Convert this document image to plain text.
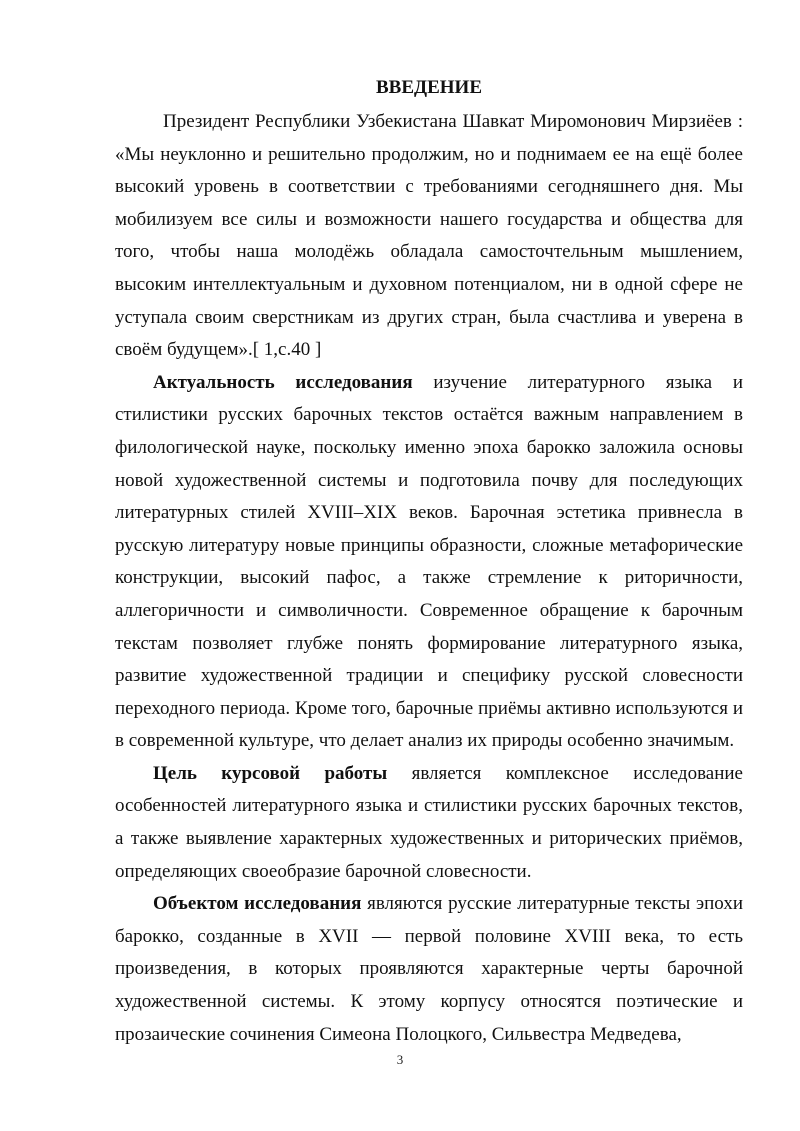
ВВЕДЕНИЕ

Президент Республики Узбекистана Шавкат Миромонович Мирзиёев : «Мы неуклонно и решительно продолжим, но и поднимаем ее на ещё более высокий уровень в соответствии с требованиями сегодняшнего дня. Мы мобилизуем все силы и возможности нашего государства и общества для того, чтобы наша молодёжь обладала самосточтельным мышлением, высоким интеллектуальным и духовном потенциалом, ни в одной сфере не уступала своим сверстникам из других стран, была счастлива и уверена в своём будущем».[ 1,c.40 ]

Актуальность исследования изучение литературного языка и стилистики русских барочных текстов остаётся важным направлением в филологической науке, поскольку именно эпоха барокко заложила основы новой художественной системы и подготовила почву для последующих литературных стилей XVIII–XIX веков. Барочная эстетика привнесла в русскую литературу новые принципы образности, сложные метафорические конструкции, высокий пафос, а также стремление к риторичности, аллегоричности и символичности. Современное обращение к барочным текстам позволяет глубже понять формирование литературного языка, развитие художественной традиции и специфику русской словесности переходного периода. Кроме того, барочные приёмы активно используются и в современной культуре, что делает анализ их природы особенно значимым.

Цель курсовой работы является комплексное исследование особенностей литературного языка и стилистики русских барочных текстов, а также выявление характерных художественных и риторических приёмов, определяющих своеобразие барочной словесности.

Объектом исследования являются русские литературные тексты эпохи барокко, созданные в XVII — первой половине XVIII века, то есть произведения, в которых проявляются характерные черты барочной художественной системы. К этому корпусу относятся поэтические и прозаические сочинения Симеона Полоцкого, Сильвестра Медведева,

3
